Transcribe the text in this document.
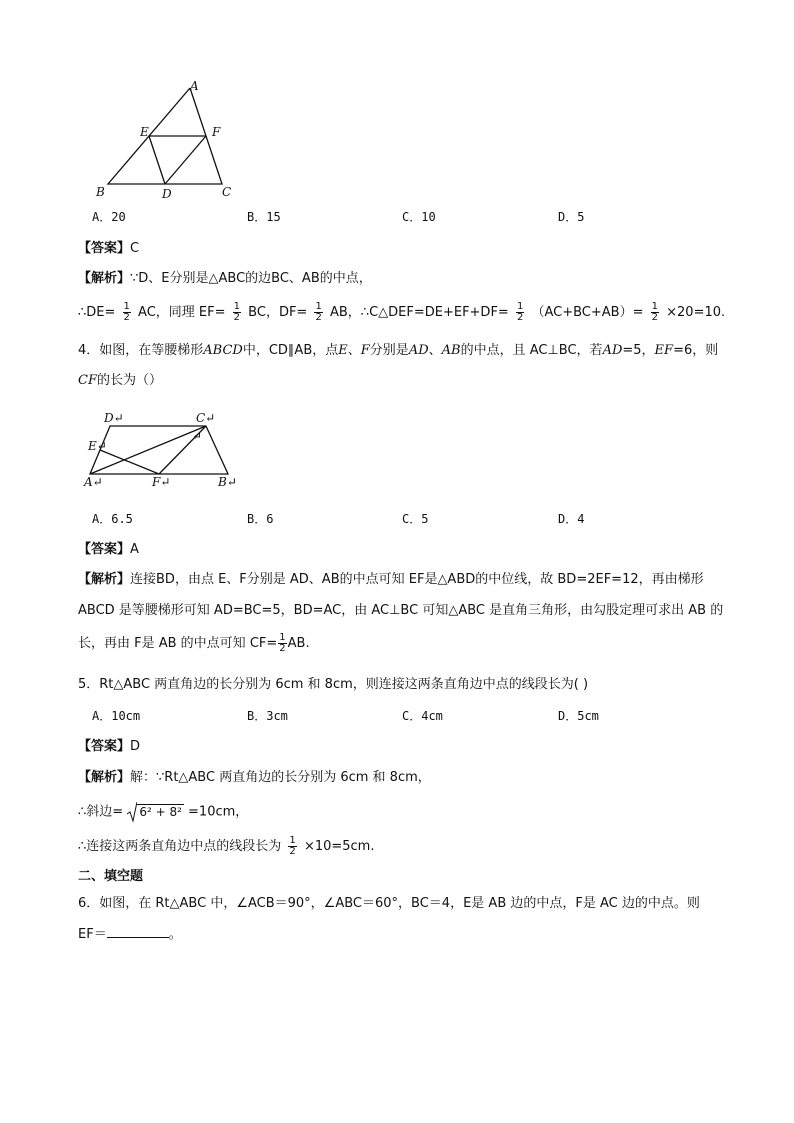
A
E	F
B	D	C
A．20	B．15	C．10	D．5
【答案】C
【解析】∵D、E分别是△ABC的边BC、AB的中点，
∴DE= $\frac{1}{2}$ AC，同理 $EF= \frac{1}{2}$ BC，$DF= \frac{1}{2}$ AB，∴C△DEF=DE+EF+DF= $\frac{1}{2} (AC+BC+AB)= \frac{1}{2} \times 20=10$.
4．如图，在等腰梯形ABCD中，CD∥AB，点E、F分别是AD、AB的中点，且 AC⊥BC，若AD=5，EF=6，则
CF的长为（）
D↵	C↵
↵
E↵
A↵	F↵	B↵
A．6.5	B．6	C．5	D．4
【答案】A
【解析】连接BD，由点 E、F分别是 AD、AB的中点可知 EF是△ABD的中位线，故 BD=2EF=12，再由梯形
ABCD 是等腰梯形可知 AD=BC=5，BD=AC，由 AC⊥BC 可知△ABC 是直角三角形，由勾股定理可求出 AB 的
长，再由 F是 AB 的中点可知 $CF= \frac{1}{2}$ AB.
5．Rt△ABC 两直角边的长分别为 6cm 和 8cm，则连接这两条直角边中点的线段长为( )
A．10cm	B．3cm	C．4cm	D．5cm
【答案】D
【解析】解：∵Rt△ABC 两直角边的长分别为 6cm 和 8cm，
∴斜边= 6² + 8² =10cm，
∴连接这两条直角边中点的线段长为 $\frac{1}{2} \times 10=5cm$.
二、填空题
6．如图，在 Rt△ABC 中，∠ACB＝90°，∠ABC＝60°，BC＝4，E是 AB 边的中点，F是 AC 边的中点。则
EF＝	。
